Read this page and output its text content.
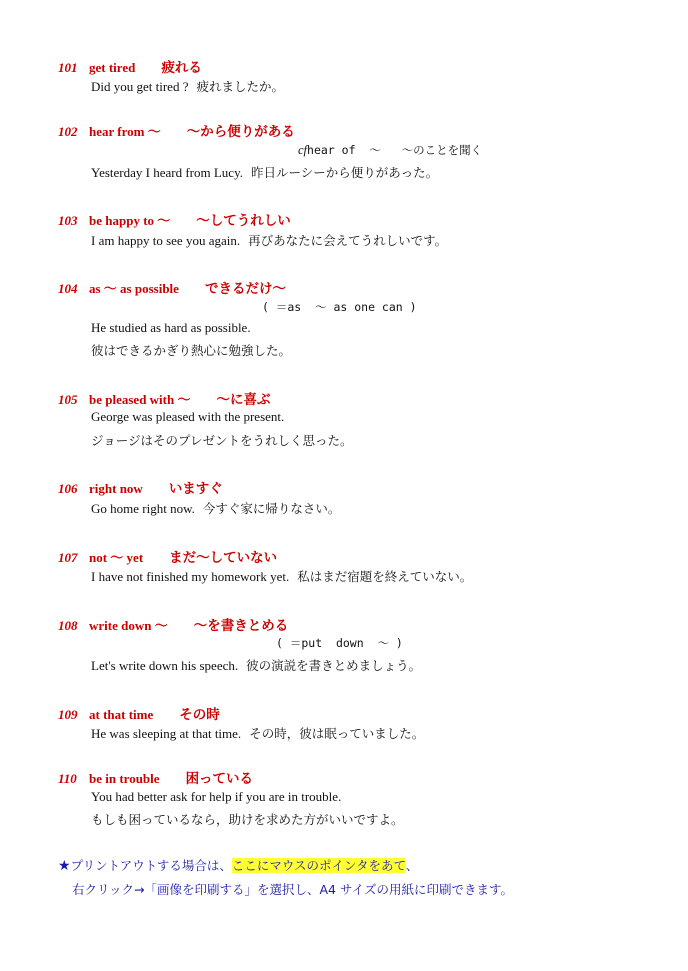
101 get tired 疲れる
Did you get tired ? 疲れましたか。
102 hear from ～ ～から便りがある
cfhear of  ～   ～のことを聞く
Yesterday I heard from Lucy. 昨日ルーシーから便りがあった。
103 be happy to ～ ～してうれしい
I am happy to see you again. 再びあなたに会えてうれしいです。
104 as ～ as possible できるだけ～
( ＝as  ～ as one can )
He studied as hard as possible.
彼はできるかぎり熱心に勉強した。
105 be pleased with ～ ～に喜ぶ
George was pleased with the present.
ジョージはそのプレゼントをうれしく思った。
106 right now いますぐ
Go home right now. 今すぐ家に帰りなさい。
107 not ～ yet まだ～していない
I have not finished my homework yet. 私はまだ宿題を終えていない。
108 write down ～ ～を書きとめる
( ＝put  down  ～ )
Let's write down his speech. 彼の演説を書きとめましょう。
109 at that time その時
He was sleeping at that time. その時，彼は眠っていました。
110 be in trouble 困っている
You had better ask for help if you are in trouble.
もしも困っているなら，助けを求めた方がいいですよ。
★プリントアウトする場合は、ここにマウスのポインタをあて、
右クリック→「画像を印刷する」を選択し、A4 サイズの用紙に印刷できます。
